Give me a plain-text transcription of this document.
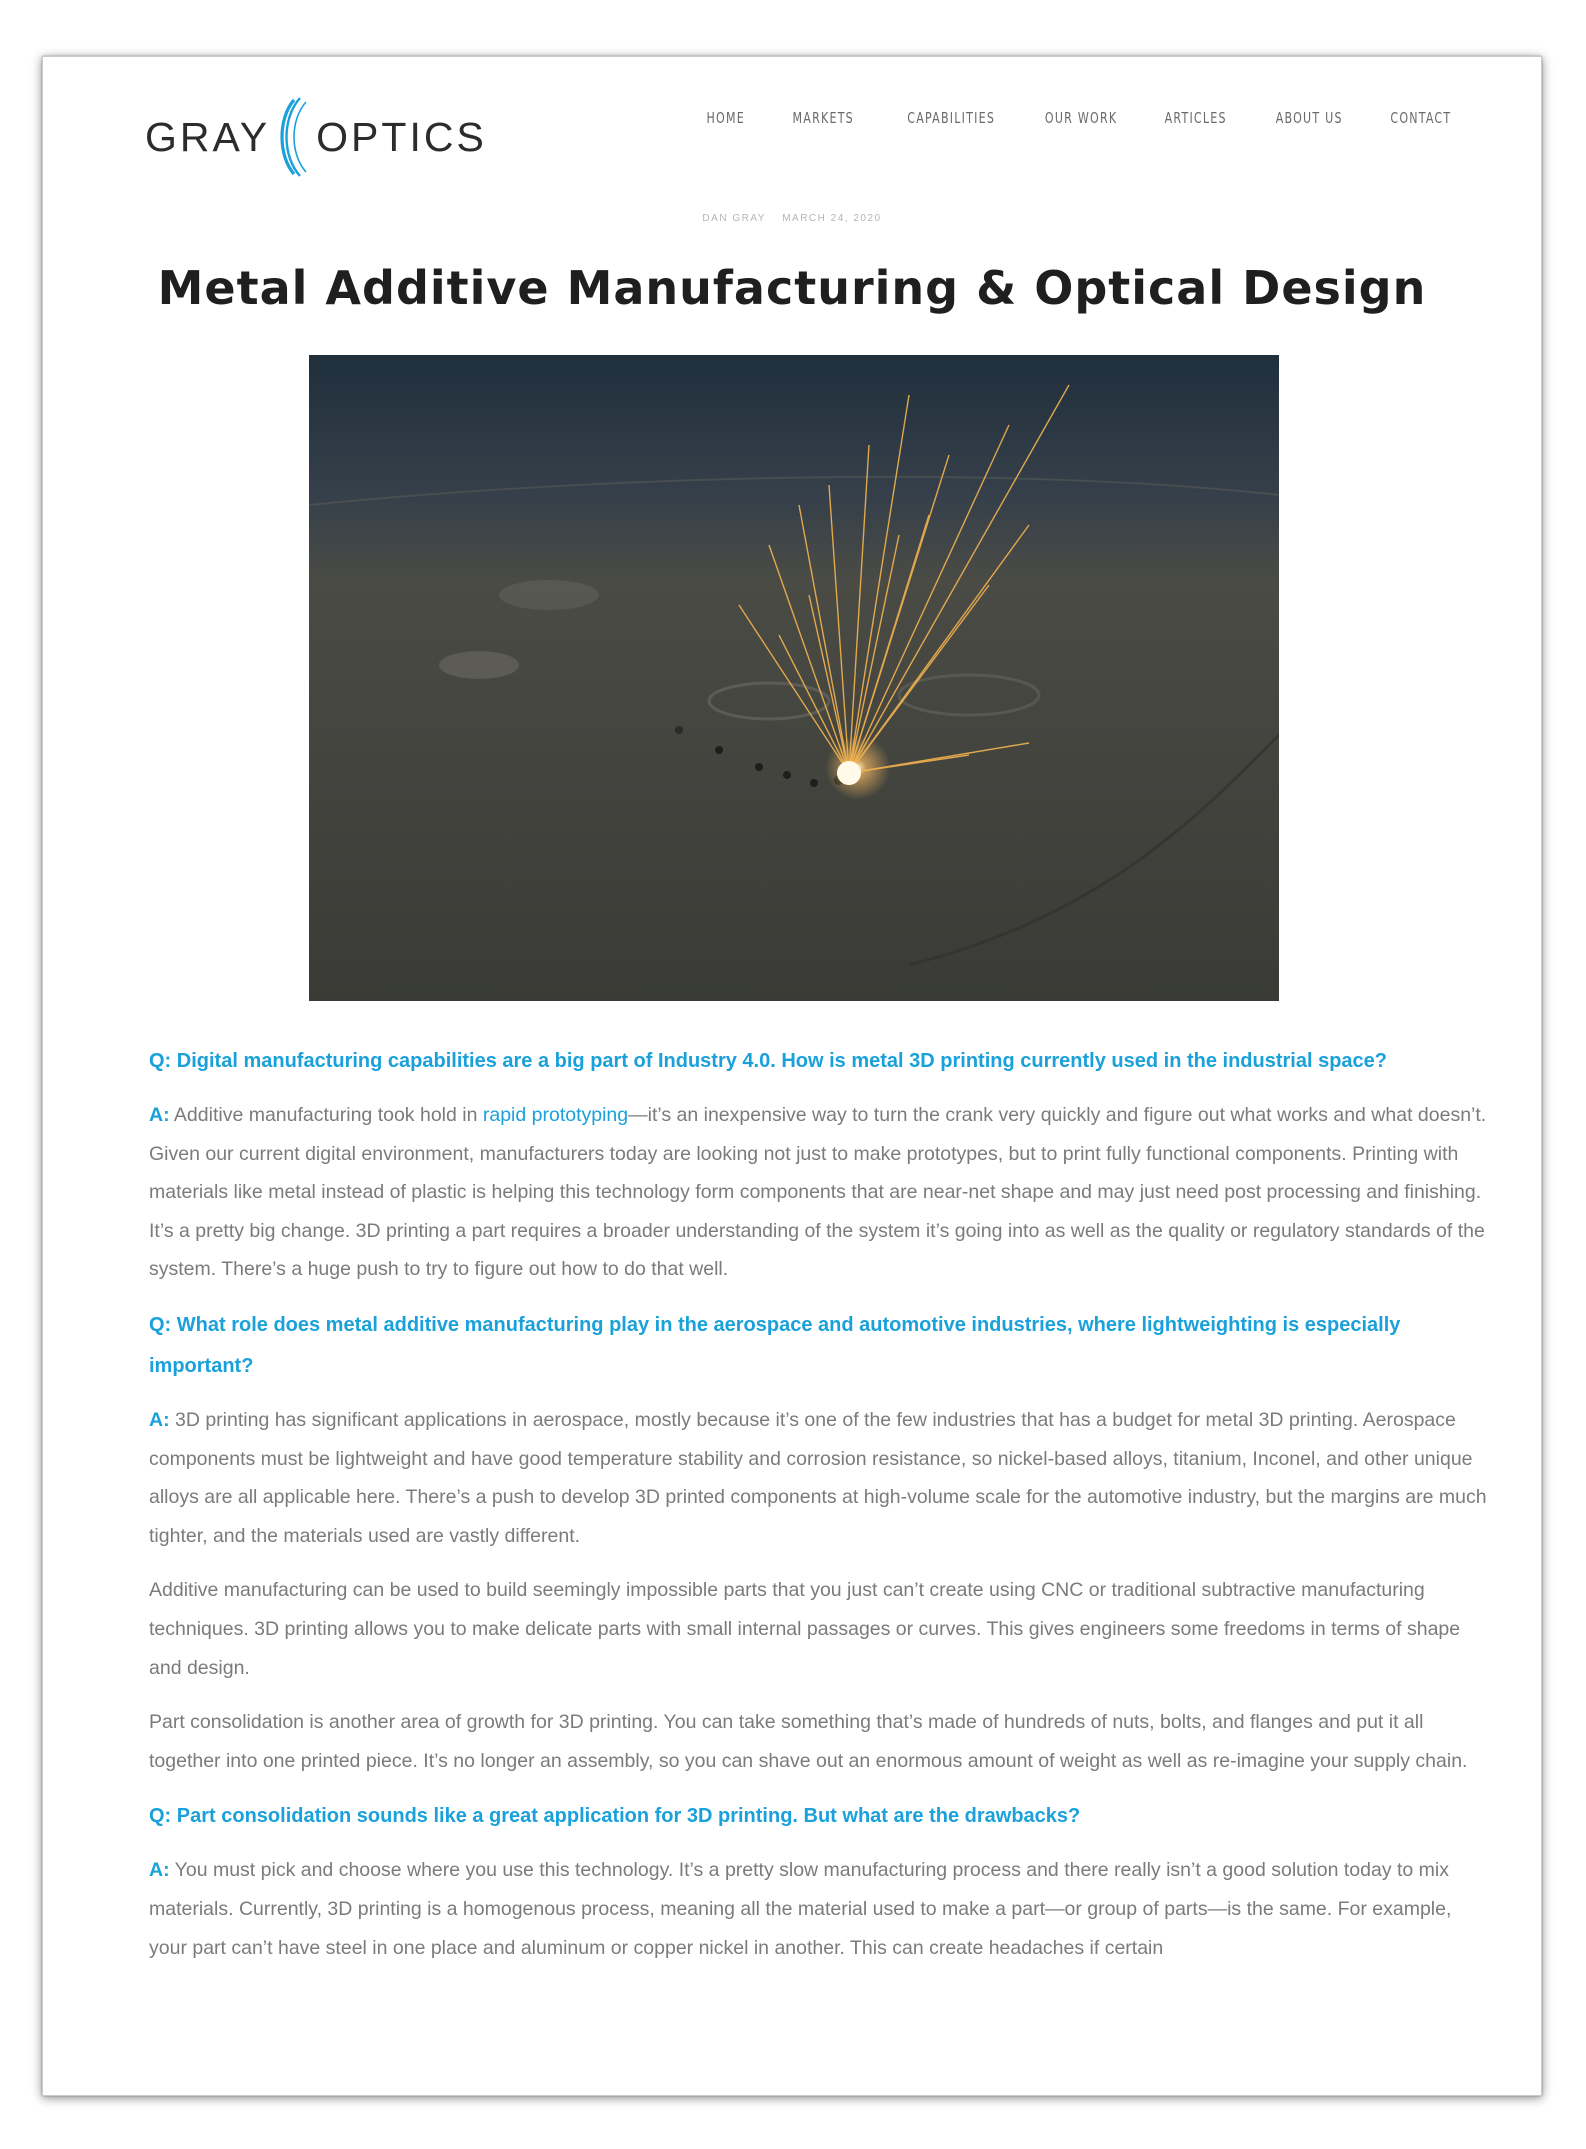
GRAY OPTICS	HOME	MARKETS	CAPABILITIES	OUR WORK	ARTICLES	ABOUT US	CONTACT
DAN GRAY MARCH 24, 2020
Metal Additive Manufacturing & Optical Design

Q: Digital manufacturing capabilities are a big part of Industry 4.0. How is metal 3D printing currently used in the industrial space?

A: Additive manufacturing took hold in rapid prototyping—it’s an inexpensive way to turn the crank very quickly and figure out what works and what doesn’t. Given our current digital environment, manufacturers today are looking not just to make prototypes, but to print fully functional components. Printing with materials like metal instead of plastic is helping this technology form components that are near-net shape and may just need post processing and finishing. It’s a pretty big change. 3D printing a part requires a broader understanding of the system it’s going into as well as the quality or regulatory standards of the system. There’s a huge push to try to figure out how to do that well.

Q: What role does metal additive manufacturing play in the aerospace and automotive industries, where lightweighting is especially important?

A: 3D printing has significant applications in aerospace, mostly because it’s one of the few industries that has a budget for metal 3D printing. Aerospace components must be lightweight and have good temperature stability and corrosion resistance, so nickel-based alloys, titanium, Inconel, and other unique alloys are all applicable here. There’s a push to develop 3D printed components at high-volume scale for the automotive industry, but the margins are much tighter, and the materials used are vastly different.

Additive manufacturing can be used to build seemingly impossible parts that you just can’t create using CNC or traditional subtractive manufacturing techniques. 3D printing allows you to make delicate parts with small internal passages or curves. This gives engineers some freedoms in terms of shape and design.

Part consolidation is another area of growth for 3D printing. You can take something that’s made of hundreds of nuts, bolts, and flanges and put it all together into one printed piece. It’s no longer an assembly, so you can shave out an enormous amount of weight as well as re-imagine your supply chain.

Q: Part consolidation sounds like a great application for 3D printing. But what are the drawbacks?

A: You must pick and choose where you use this technology. It’s a pretty slow manufacturing process and there really isn’t a good solution today to mix materials. Currently, 3D printing is a homogenous process, meaning all the material used to make a part—or group of parts—is the same. For example, your part can’t have steel in one place and aluminum or copper nickel in another. This can create headaches if certain
